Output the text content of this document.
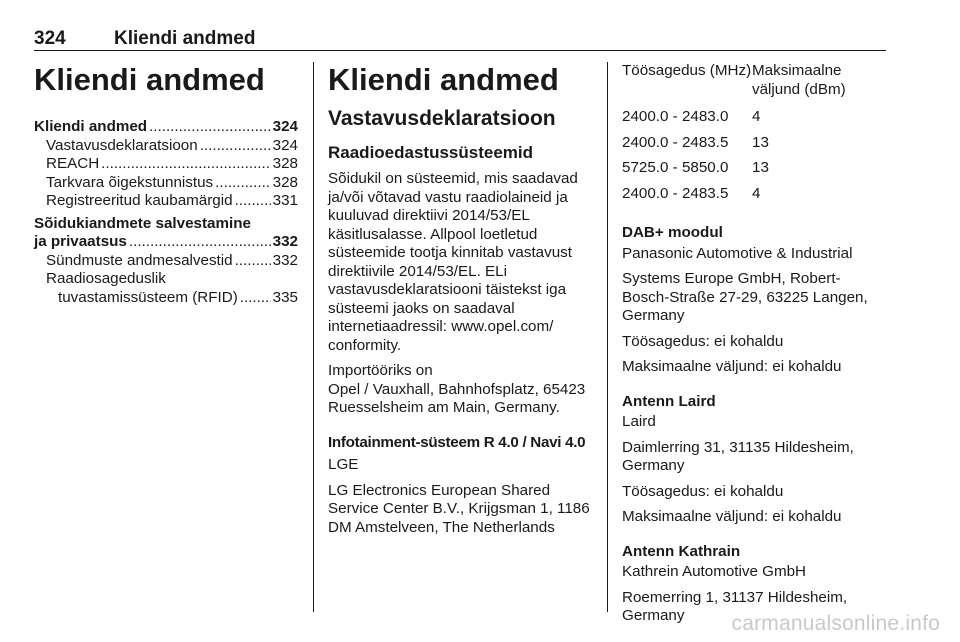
324	Kliendi andmed
Kliendi andmed
Kliendi andmed .....	324
Vastavusdeklaratsioon .....	324
REACH .....	328
Tarkvara õigekstunnistus .....	328
Registreeritud kaubamärgid .....	331
Sõidukiandmete salvestamine
ja privaatsus .....	332
Sündmuste andmesalvestid .....	332
Raadiosageduslik
tuvastamissüsteem (RFID) ..... 335
Kliendi andmed
Vastavusdeklaratsioon
Raadioedastussüsteemid

Sõidukil on süsteemid, mis saadavad ja/või võtavad vastu raadiolaineid ja kuuluvad direktiivi 2014/53/EL käsitlusalasse. Allpool loetletud süsteemide tootja kinnitab vastavust direktiivile 2014/53/EL. ELi vastavusdeklaratsiooni täistekst iga süsteemi jaoks on saadaval internetiaadressil: www.opel.com/ conformity.

Importööriks on

Opel / Vauxhall, Bahnhofsplatz, 65423 Ruesselsheim am Main, Germany.

Infotainment-süsteem R 4.0 / Navi 4.0

LGE

LG Electronics European Shared Service Center B.V., Krijgsman 1, 1186 DM Amstelveen, The Netherlands

Töösagedus (MHz)	Maksimaalne väljund (dBm)
2400.0 - 2483.0	4
2400.0 - 2483.5	13
5725.0 - 5850.0	13
2400.0 - 2483.5	4

DAB+ moodul

Panasonic Automotive & Industrial

Systems Europe GmbH, Robert-Bosch-Straße 27-29, 63225 Langen, Germany

Töösagedus: ei kohaldu

Maksimaalne väljund: ei kohaldu

Antenn Laird

Laird

Daimlerring 31, 31135 Hildesheim, Germany

Töösagedus: ei kohaldu

Maksimaalne väljund: ei kohaldu

Antenn Kathrain

Kathrein Automotive GmbH

Roemerring 1, 31137 Hildesheim, Germany	carmanualsonline.info
